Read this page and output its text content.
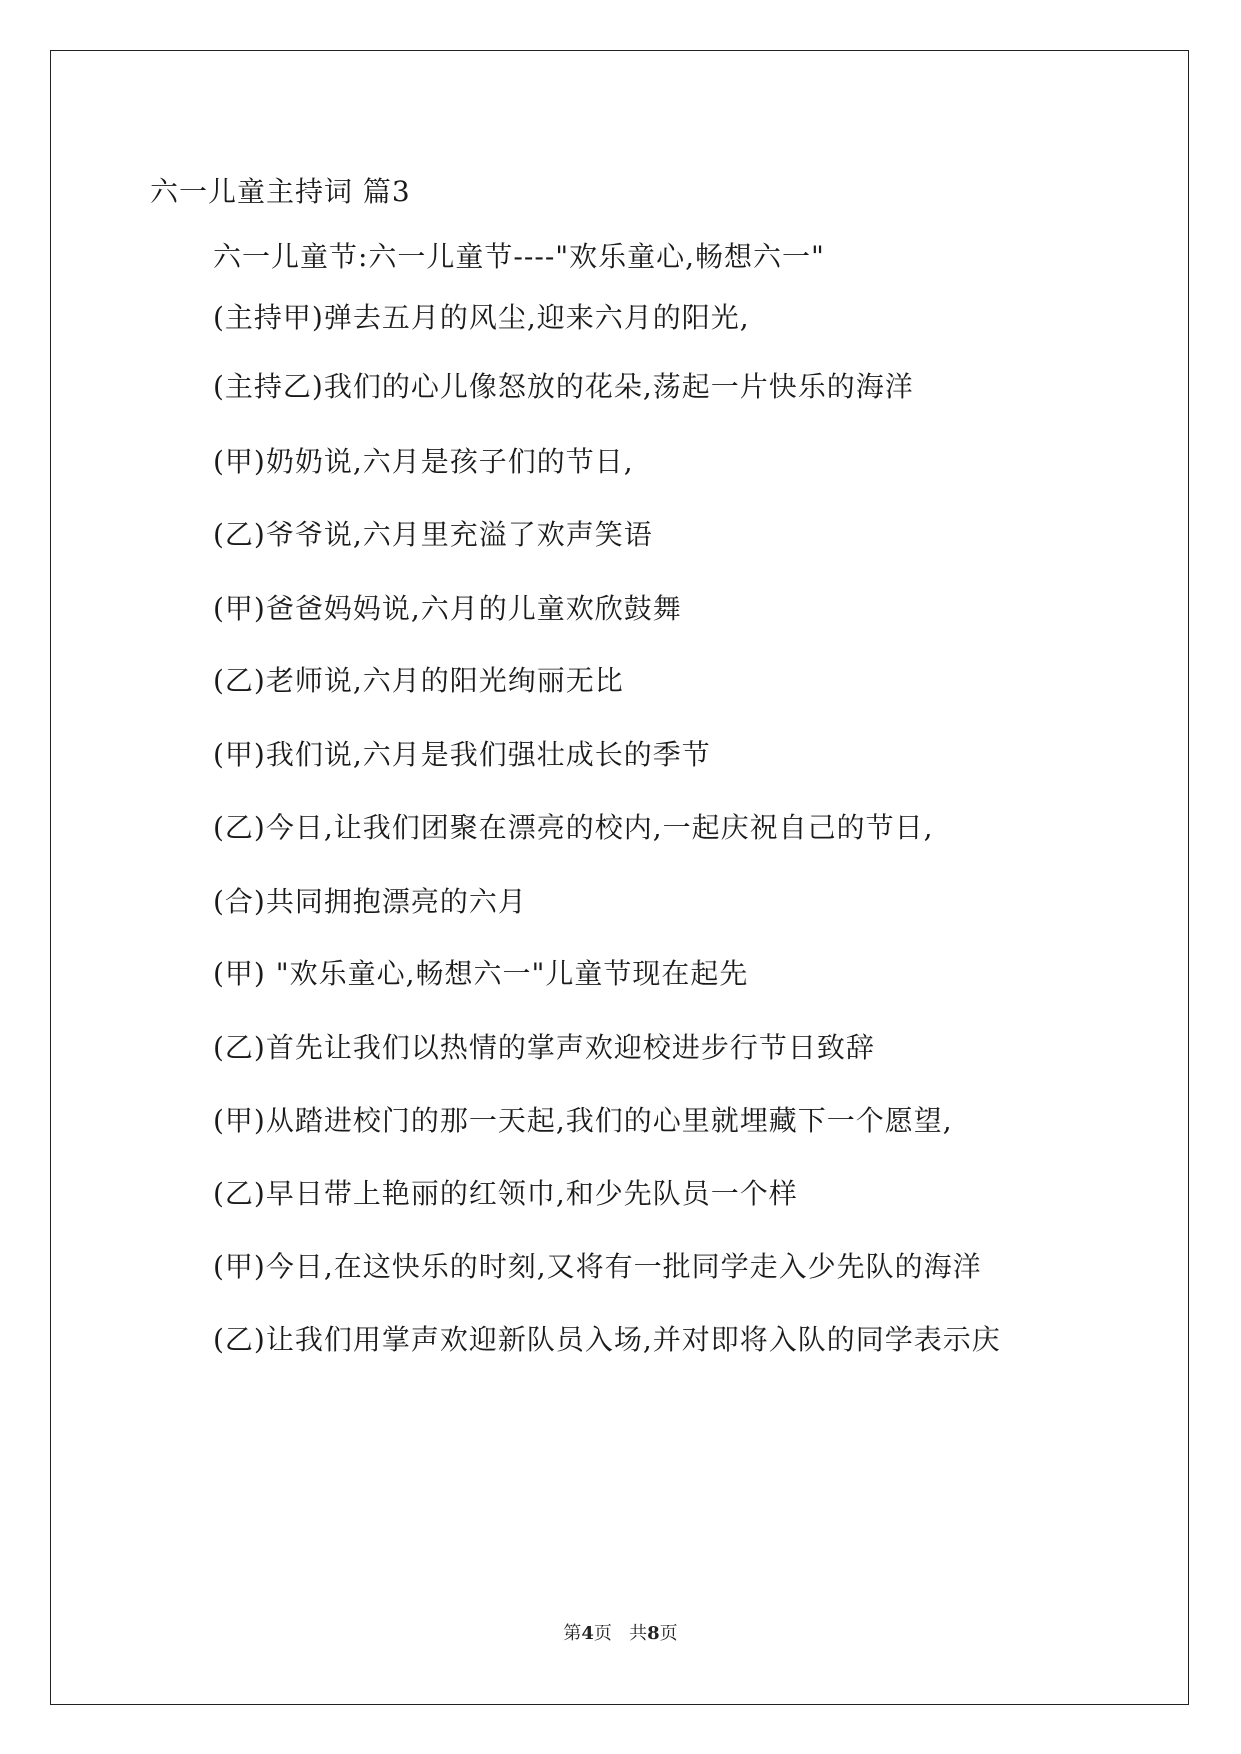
六一儿童主持词 篇3
六一儿童节:六一儿童节----"欢乐童心,畅想六一"
(主持甲)弹去五月的风尘,迎来六月的阳光,
(主持乙)我们的心儿像怒放的花朵,荡起一片快乐的海洋
(甲)奶奶说,六月是孩子们的节日,
(乙)爷爷说,六月里充溢了欢声笑语
(甲)爸爸妈妈说,六月的儿童欢欣鼓舞
(乙)老师说,六月的阳光绚丽无比
(甲)我们说,六月是我们强壮成长的季节
(乙)今日,让我们团聚在漂亮的校内,一起庆祝自己的节日,
(合)共同拥抱漂亮的六月
(甲) "欢乐童心,畅想六一"儿童节现在起先
(乙)首先让我们以热情的掌声欢迎校进步行节日致辞
(甲)从踏进校门的那一天起,我们的心里就埋藏下一个愿望,
(乙)早日带上艳丽的红领巾,和少先队员一个样
(甲)今日,在这快乐的时刻,又将有一批同学走入少先队的海洋
(乙)让我们用掌声欢迎新队员入场,并对即将入队的同学表示庆
第4页 共8页
